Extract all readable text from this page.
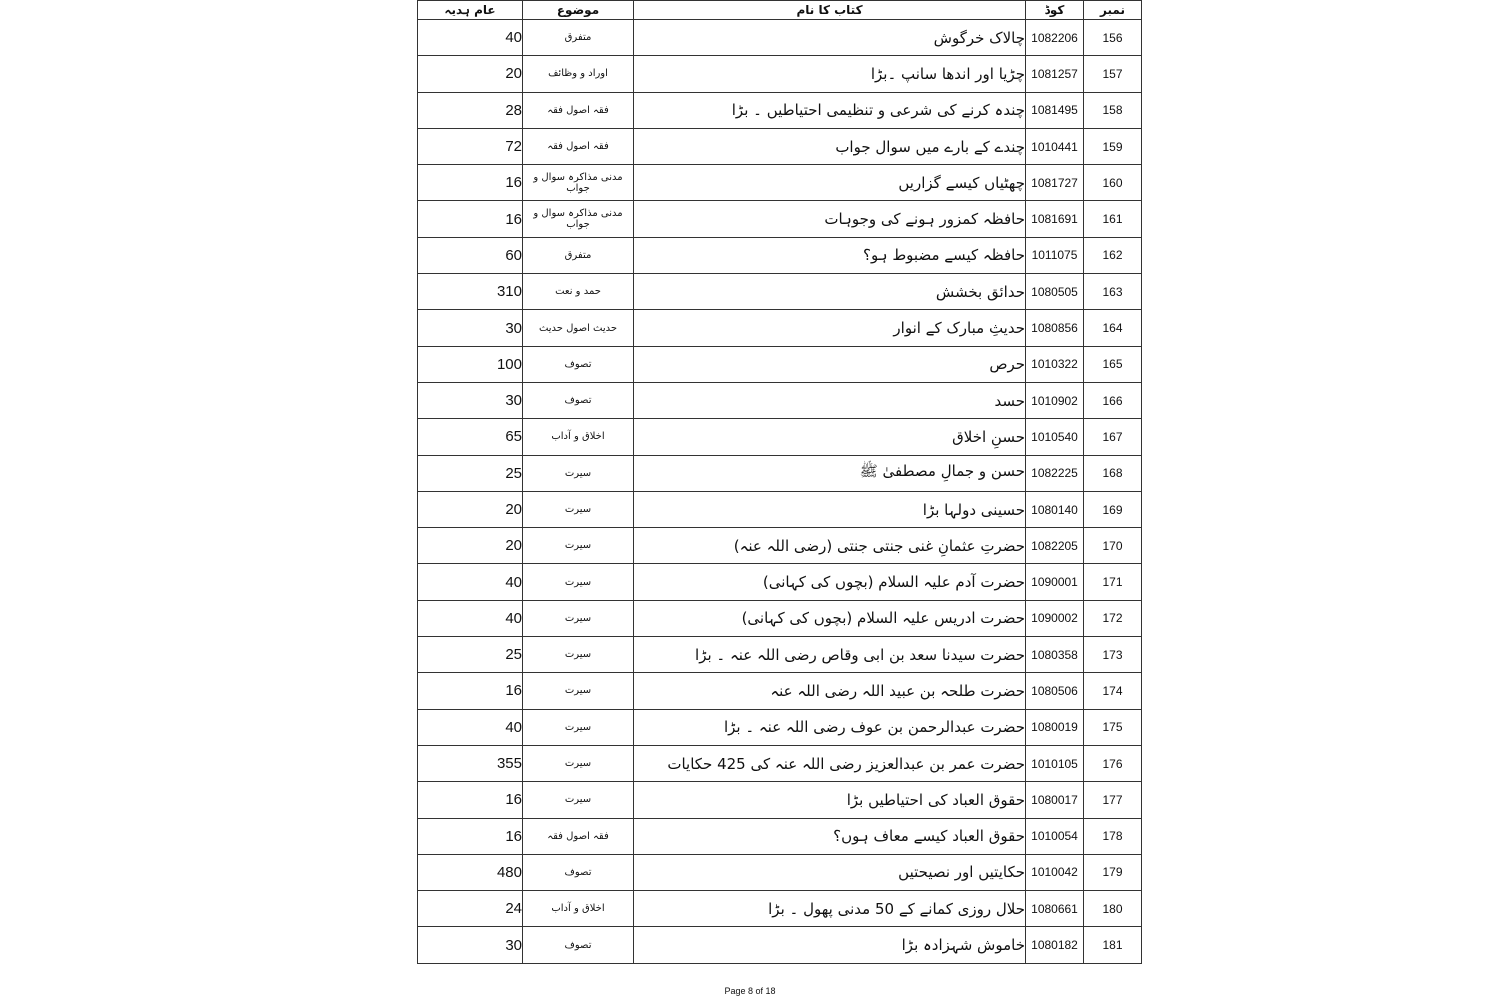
عام ہدیہ	موضوع	کتاب کا نام	کوڈ	نمبر
40	متفرق	چالاک خرگوش	1082206	156
20	اوراد و وظائف	چڑیا اور اندھا سانپ ۔بڑا	1081257	157
28	فقہ اصول فقہ	چندہ کرنے کی شرعی و تنظیمی احتیاطیں ۔ بڑا	1081495	158
72	فقہ اصول فقہ	چندے کے بارے میں سوال جواب	1010441	159
16	مدنی مذاکرہ سوال و جواب	چھٹیاں کیسے گزاریں	1081727	160
16	مدنی مذاکرہ سوال و جواب	حافظہ کمزور ہونے کی وجوہات	1081691	161
60	متفرق	حافظہ کیسے مضبوط ہو؟	1011075	162
310	حمد و نعت	حدائق بخشش	1080505	163
30	حدیث اصول حدیث	حدیثِ مبارک کے انوار	1080856	164
100	تصوف	حرص	1010322	165
30	تصوف	حسد	1010902	166
65	اخلاق و آداب	حسنِ اخلاق	1010540	167
25	سیرت	حسن و جمالِ مصطفیٰ ﷺ	1082225	168
20	سیرت	حسینی دولہا بڑا	1080140	169
20	سیرت	حضرتِ عثمانِ غنی جنتی جنتی (رضی اللہ عنہ)	1082205	170
40	سیرت	حضرت آدم علیہ السلام (بچوں کی کہانی)	1090001	171
40	سیرت	حضرت ادریس علیہ السلام (بچوں کی کہانی)	1090002	172
25	سیرت	حضرت سیدنا سعد بن ابی وقاص رضی اللہ عنہ ۔ بڑا	1080358	173
16	سیرت	حضرت طلحہ بن عبید اللہ رضی اللہ عنہ	1080506	174
40	سیرت	حضرت عبدالرحمن بن عوف رضی اللہ عنہ ۔ بڑا	1080019	175
355	سیرت	حضرت عمر بن عبدالعزیز رضی اللہ عنہ کی 425 حکایات	1010105	176
16	سیرت	حقوق العباد کی احتیاطیں بڑا	1080017	177
16	فقہ اصول فقہ	حقوق العباد کیسے معاف ہوں؟	1010054	178
480	تصوف	حکایتیں اور نصیحتیں	1010042	179
24	اخلاق و آداب	حلال روزی کمانے کے 50 مدنی پھول ۔ بڑا	1080661	180
30	تصوف	خاموش شہزادہ بڑا	1080182	181
Page 8 of 18
